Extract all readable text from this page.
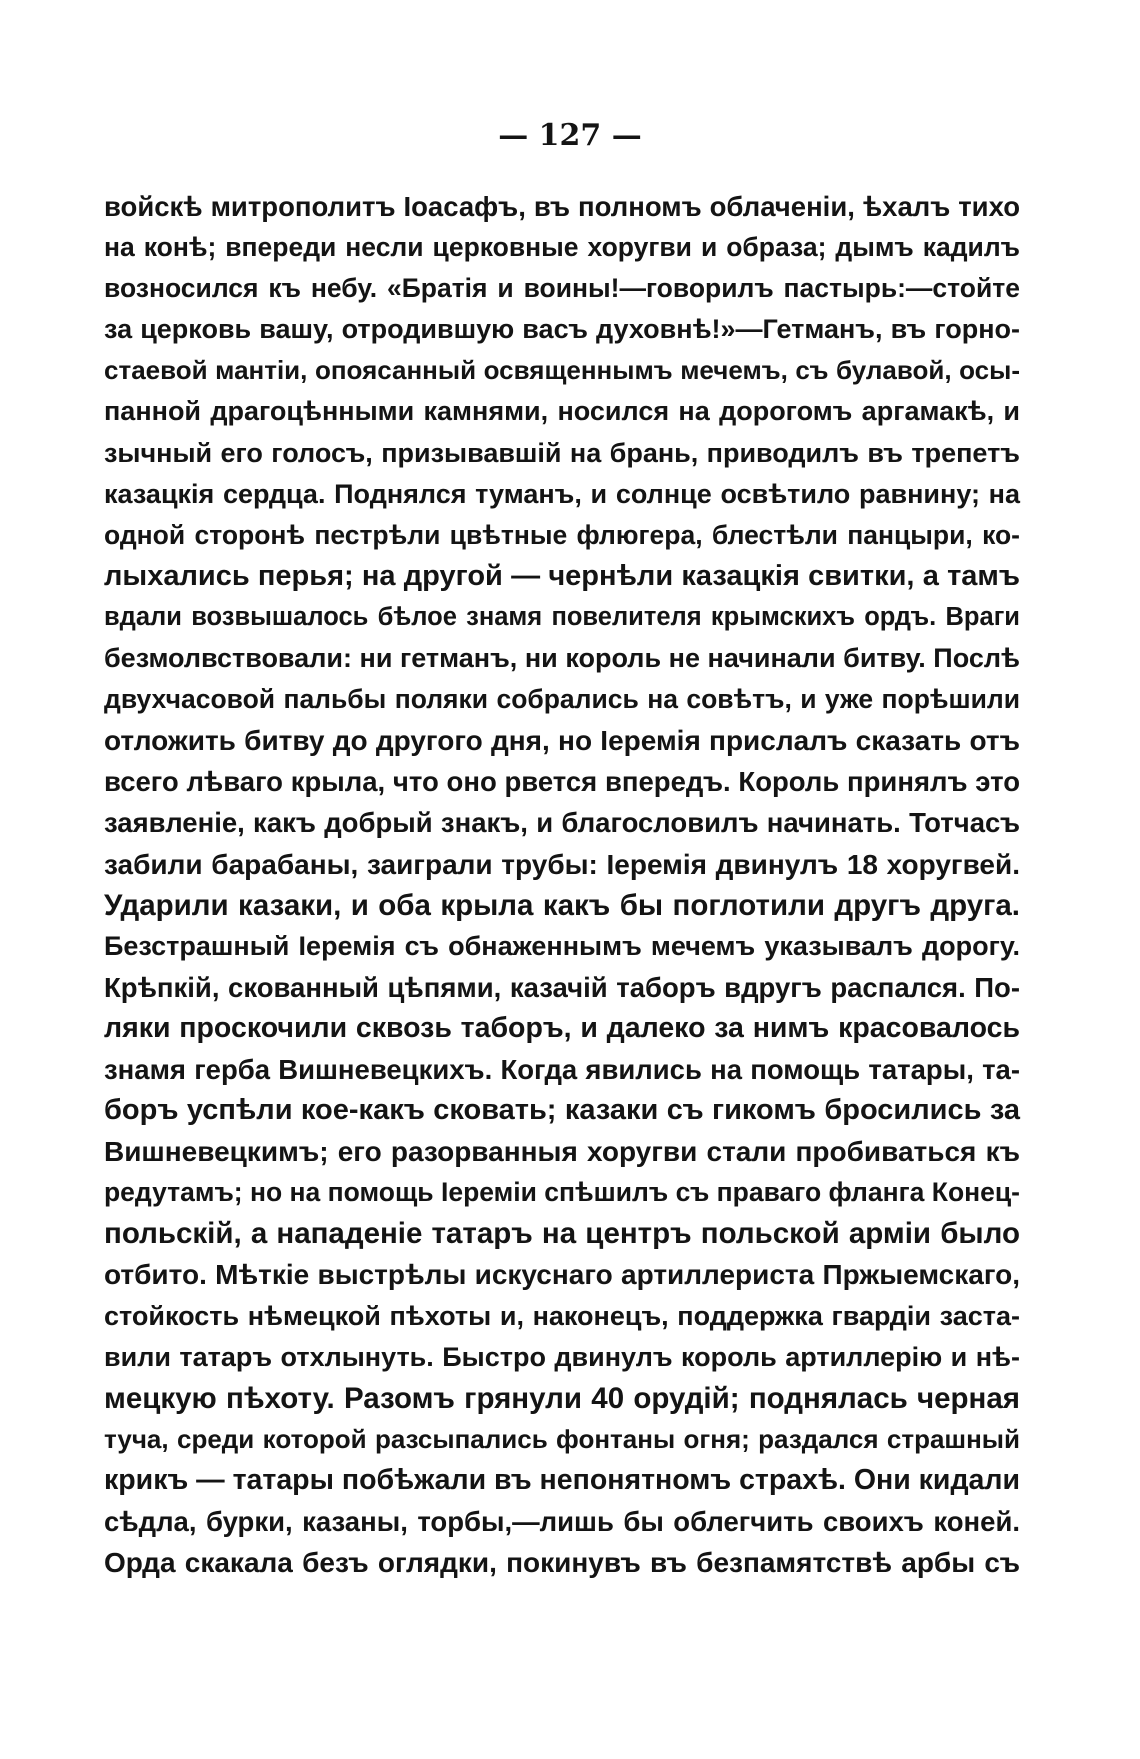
— 127 —
войскѣ митрополитъ Іоасафъ, въ полномъ облаченіи, ѣхалъ тихо
на конѣ; впереди несли церковные хоругви и образа; дымъ кадилъ
возносился къ небу. «Братія и воины!—говорилъ пастырь:—стойте
за церковь вашу, отродившую васъ духовнѣ!»—Гетманъ, въ горно-
стаевой мантіи, опоясанный освященнымъ мечемъ, съ булавой, осы-
панной драгоцѣнными камнями, носился на дорогомъ аргамакѣ, и
зычный его голосъ, призывавшій на брань, приводилъ въ трепетъ
казацкія сердца. Поднялся туманъ, и солнце освѣтило равнину; на
одной сторонѣ пестрѣли цвѣтные флюгера, блестѣли панцыри, ко-
лыхались перья; на другой — чернѣли казацкія свитки, а тамъ
вдали возвышалось бѣлое знамя повелителя крымскихъ ордъ. Враги
безмолвствовали: ни гетманъ, ни король не начинали битву. Послѣ
двухчасовой пальбы поляки собрались на совѣтъ, и уже порѣшили
отложить битву до другого дня, но Іеремія прислалъ сказать отъ
всего лѣваго крыла, что оно рвется впередъ. Король принялъ это
заявленіе, какъ добрый знакъ, и благословилъ начинать. Тотчасъ
забили барабаны, заиграли трубы: Іеремія двинулъ 18 хоругвей.
Ударили казаки, и оба крыла какъ бы поглотили другъ друга.
Безстрашный Іеремія съ обнаженнымъ мечемъ указывалъ дорогу.
Крѣпкій, скованный цѣпями, казачій таборъ вдругъ распался. По-
ляки проскочили сквозь таборъ, и далеко за нимъ красовалось
знамя герба Вишневецкихъ. Когда явились на помощь татары, та-
боръ успѣли кое-какъ сковать; казаки съ гикомъ бросились за
Вишневецкимъ; его разорванныя хоругви стали пробиваться къ
редутамъ; но на помощь Іереміи спѣшилъ съ праваго фланга Конец-
польскій, а нападеніе татаръ на центръ польской арміи было
отбито. Мѣткіе выстрѣлы искуснаго артиллериста Пржыемскаго,
стойкость нѣмецкой пѣхоты и, наконецъ, поддержка гвардіи заста-
вили татаръ отхлынуть. Быстро двинулъ король артиллерію и нѣ-
мецкую пѣхоту. Разомъ грянули 40 орудій; поднялась черная
туча, среди которой разсыпались фонтаны огня; раздался страшный
крикъ — татары побѣжали въ непонятномъ страхѣ. Они кидали
сѣдла, бурки, казаны, торбы,—лишь бы облегчить своихъ коней.
Орда скакала безъ оглядки, покинувъ въ безпамятствѣ арбы съ
